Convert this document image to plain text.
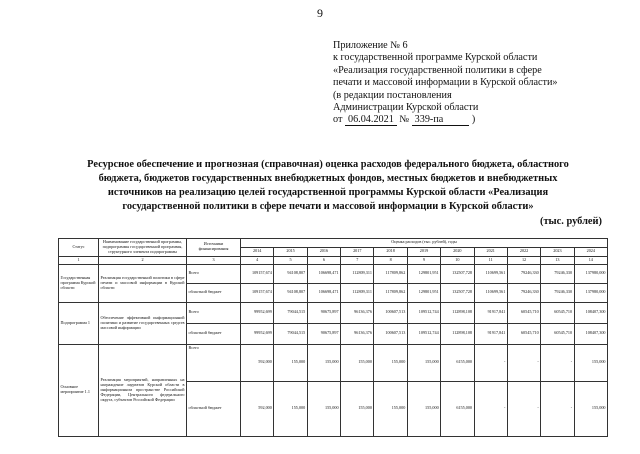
9
Приложение № 6
к государственной программе Курской области
«Реализация государственной политики в сфере
печати и массовой информации в Курской области»
(в редакции постановления
Администрации Курской области
от 06.04.2021 № 339-па	)
Ресурсное обеспечение и прогнозная (справочная) оценка расходов федерального бюджета, областного
бюджета, бюджетов государственных внебюджетных фондов, местных бюджетов и внебюджетных
источников на реализацию целей государственной программы Курской области «Реализация
государственной политики в сфере печати и массовой информации в Курской области»
(тыс. рублей)
Статус	Наименование государственной программы, подпрограммы государственной программы, структурного элемента подпрограммы	Источники финансирования	Оценка расходов (тыс. рублей), годы										
			2014	2015	2016	2017	2018	2019	2020	2021	2022	2023	2024
1	2	3	4	5	6	7	8	9	10	11	12	13	14
Государственная программа Курской области	Реализация государственной политики в сфере печати и массовой информации в Курской области	Всего	109157,674	94108,807	106698,471	112809,311	117809,862	129801,951	132507,728	110699,561	79246,330	79246,330	137980,000
		областной бюджет	109157,674	94108,807	106698,471	112809,311	117809,862	129801,951	132507,728	110699,561	79246,330	79246,330	137980,000
Подпрограмма 1	Обеспечение эффективной информационной политики и развитие государственных средств массовой информации	Всего	99952,699	79044,515	90675,897	96136,376	100607,513	109512,744	112898,108	91917,841	60545,710	60545,710	108407,300
		областной бюджет	99952,699	79044,515	90675,897	96136,376	100607,513	109512,744	112898,108	91917,841	60545,710	60545,710	108407,300
Основное мероприятие 1.1	Реализация мероприятий, направленных на награждение лауреатов Курской области в информационном пространстве Российской Федерации, Центрального федерального округа, субъектов Российской Федерации	Всего	592,000	155,000	155,000	155,000	155,000	155,000	6155,000	-	-	-	155,000
		областной бюджет	592,000	155,000	155,000	155,000	155,000	155,000	6155,000	-	-	-	155,000
